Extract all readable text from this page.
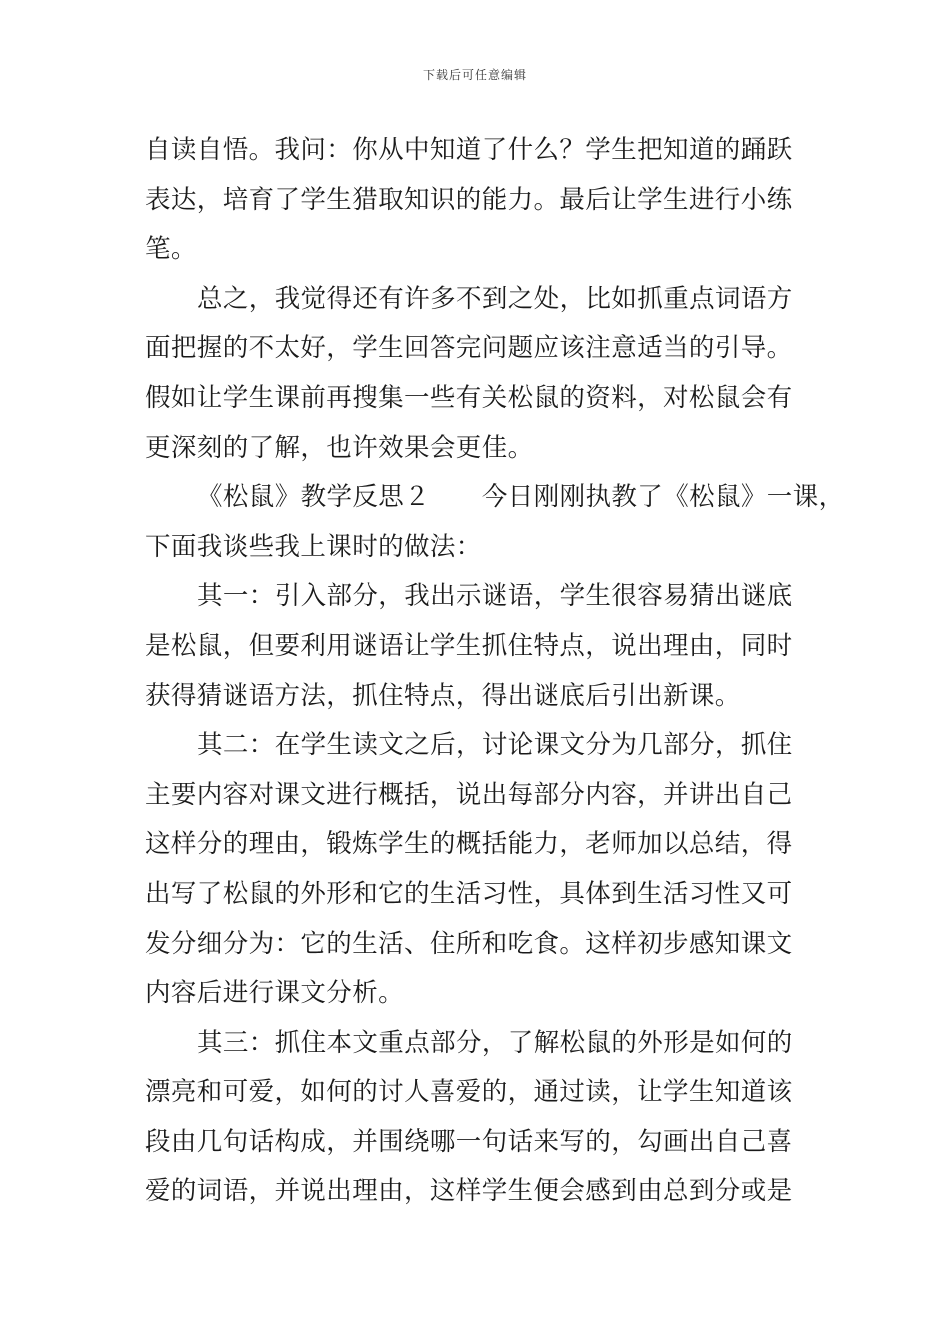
下载后可任意编辑
自读自悟。我问：你从中知道了什么？学生把知道的踊跃
表达，培育了学生猎取知识的能力。最后让学生进行小练
笔。
总之，我觉得还有许多不到之处，比如抓重点词语方
面把握的不太好，学生回答完问题应该注意适当的引导。
假如让学生课前再搜集一些有关松鼠的资料，对松鼠会有
更深刻的了解，也许效果会更佳。
《松鼠》教学反思２　　今日刚刚执教了《松鼠》一课，
下面我谈些我上课时的做法：
其一：引入部分，我出示谜语，学生很容易猜出谜底
是松鼠，但要利用谜语让学生抓住特点，说出理由，同时
获得猜谜语方法，抓住特点，得出谜底后引出新课。
其二：在学生读文之后，讨论课文分为几部分，抓住
主要内容对课文进行概括，说出每部分内容，并讲出自己
这样分的理由，锻炼学生的概括能力，老师加以总结，得
出写了松鼠的外形和它的生活习性，具体到生活习性又可
发分细分为：它的生活、住所和吃食。这样初步感知课文
内容后进行课文分析。
其三：抓住本文重点部分，了解松鼠的外形是如何的
漂亮和可爱，如何的讨人喜爱的，通过读，让学生知道该
段由几句话构成，并围绕哪一句话来写的，勾画出自己喜
爱的词语，并说出理由，这样学生便会感到由总到分或是
